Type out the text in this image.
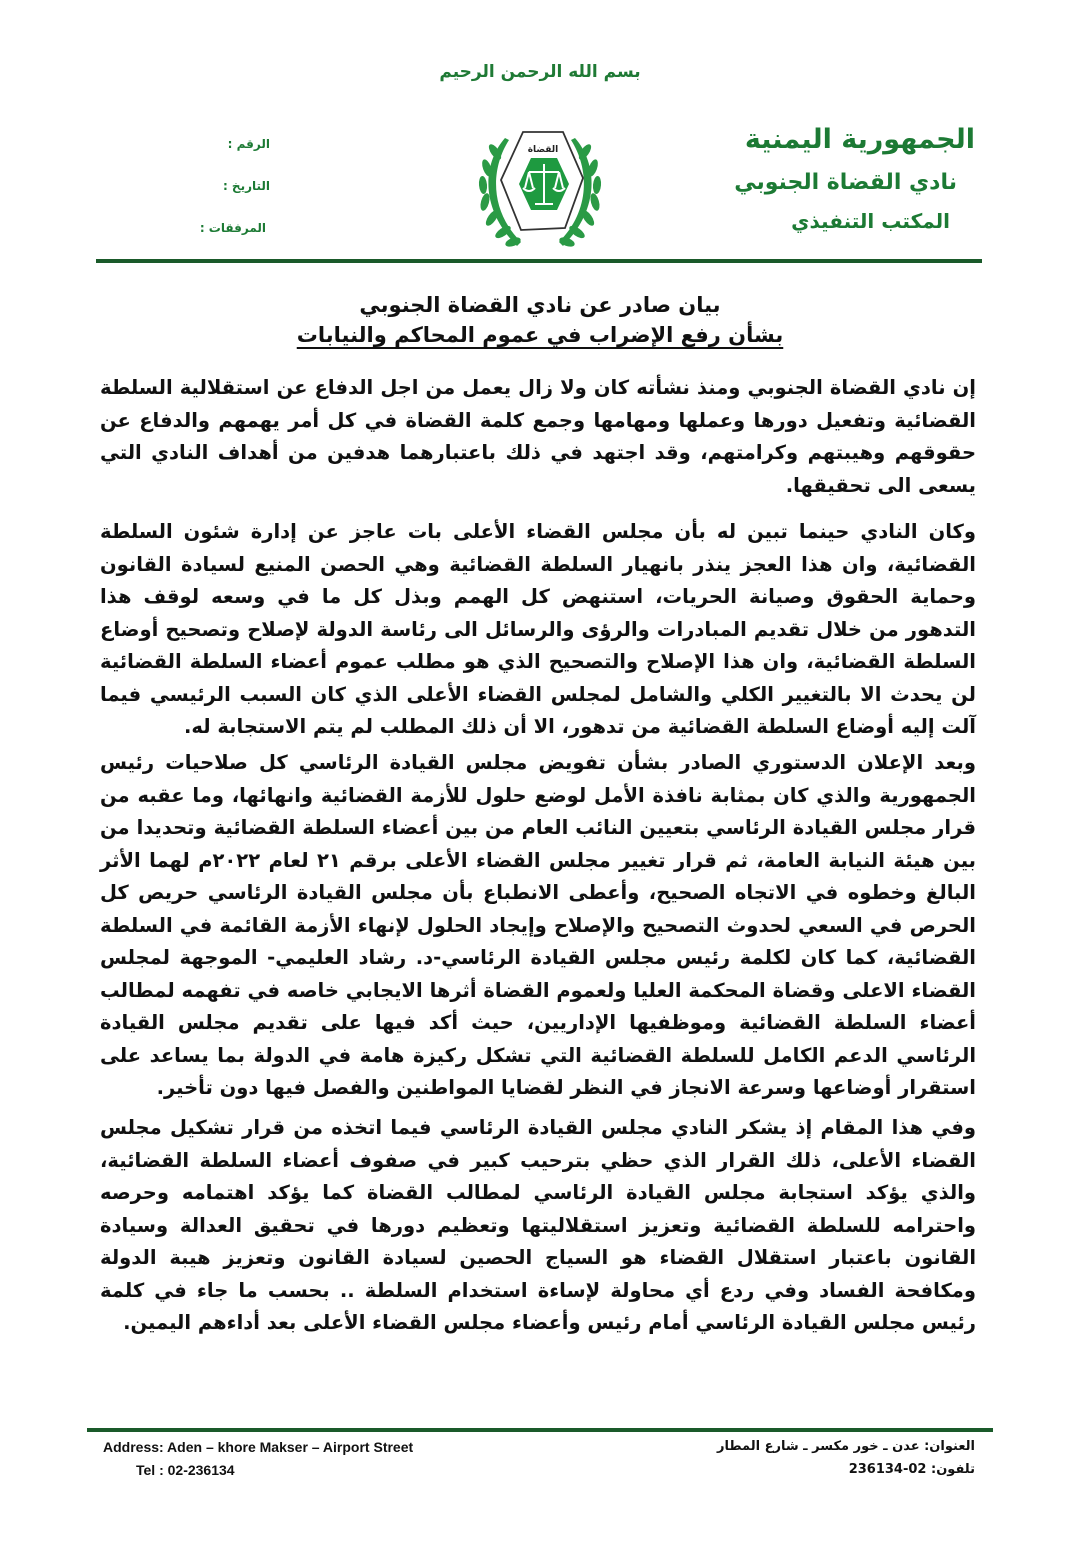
بسم الله الرحمن الرحيم
الجمهورية اليمنية
نادي القضاة الجنوبي
المكتب التنفيذي
القضاة
الرقم :
التاريخ :
المرفقات :
بيان صادر عن نادي القضاة الجنوبي
بشأن رفع الإضراب في عموم المحاكم والنيابات

إن نادي القضاة الجنوبي ومنذ نشأته كان ولا زال يعمل من اجل الدفاع عن استقلالية السلطة القضائية وتفعيل دورها وعملها ومهامها وجمع كلمة القضاة في كل أمر يهمهم والدفاع عن حقوقهم وهيبتهم وكرامتهم، وقد اجتهد في ذلك باعتبارهما هدفين من أهداف النادي التي يسعى الى تحقيقها.

وكان النادي حينما تبين له بأن مجلس القضاء الأعلى بات عاجز عن إدارة شئون السلطة القضائية، وان هذا العجز ينذر بانهيار السلطة القضائية وهي الحصن المنيع لسيادة القانون وحماية الحقوق وصيانة الحريات، استنهض كل الهمم وبذل كل ما في وسعه لوقف هذا التدهور من خلال تقديم المبادرات والرؤى والرسائل الى رئاسة الدولة لإصلاح وتصحيح أوضاع السلطة القضائية، وان هذا الإصلاح والتصحيح الذي هو مطلب عموم أعضاء السلطة القضائية لن يحدث الا بالتغيير الكلي والشامل لمجلس القضاء الأعلى الذي كان السبب الرئيسي فيما آلت إليه أوضاع السلطة القضائية من تدهور، الا أن ذلك المطلب لم يتم الاستجابة له.

وبعد الإعلان الدستوري الصادر بشأن تفويض مجلس القيادة الرئاسي كل صلاحيات رئيس الجمهورية والذي كان بمثابة نافذة الأمل لوضع حلول للأزمة القضائية وانهائها، وما عقبه من قرار مجلس القيادة الرئاسي بتعيين النائب العام من بين أعضاء السلطة القضائية وتحديدا من بين هيئة النيابة العامة، ثم قرار تغيير مجلس القضاء الأعلى برقم ٢١ لعام ٢٠٢٢م لهما الأثر البالغ وخطوه في الاتجاه الصحيح، وأعطى الانطباع بأن مجلس القيادة الرئاسي حريص كل الحرص في السعي لحدوث التصحيح والإصلاح وإيجاد الحلول لإنهاء الأزمة القائمة في السلطة القضائية، كما كان لكلمة رئيس مجلس القيادة الرئاسي-د. رشاد العليمي- الموجهة لمجلس القضاء الاعلى وقضاة المحكمة العليا ولعموم القضاة أثرها الايجابي خاصه في تفهمه لمطالب أعضاء السلطة القضائية وموظفيها الإداريين، حيث أكد فيها على تقديم مجلس القيادة الرئاسي الدعم الكامل للسلطة القضائية التي تشكل ركيزة هامة في الدولة بما يساعد على استقرار أوضاعها وسرعة الانجاز في النظر لقضايا المواطنين والفصل فيها دون تأخير.

وفي هذا المقام إذ يشكر النادي مجلس القيادة الرئاسي فيما اتخذه من قرار تشكيل مجلس القضاء الأعلى، ذلك القرار الذي حظي بترحيب كبير في صفوف أعضاء السلطة القضائية، والذي يؤكد استجابة مجلس القيادة الرئاسي لمطالب القضاة كما يؤكد اهتمامه وحرصه واحترامه للسلطة القضائية وتعزيز استقلاليتها وتعظيم دورها في تحقيق العدالة وسيادة القانون باعتبار استقلال القضاء هو السياج الحصين لسيادة القانون وتعزيز هيبة الدولة ومكافحة الفساد وفي ردع أي محاولة لإساءة استخدام السلطة .. بحسب ما جاء في كلمة رئيس مجلس القيادة الرئاسي أمام رئيس وأعضاء مجلس القضاء الأعلى بعد أداءهم اليمين.

Address: Aden – khore Makser – Airport Street
Tel : 02-236134
العنوان: عدن ـ خور مكسر ـ شارع المطار
تلفون: 02-236134
